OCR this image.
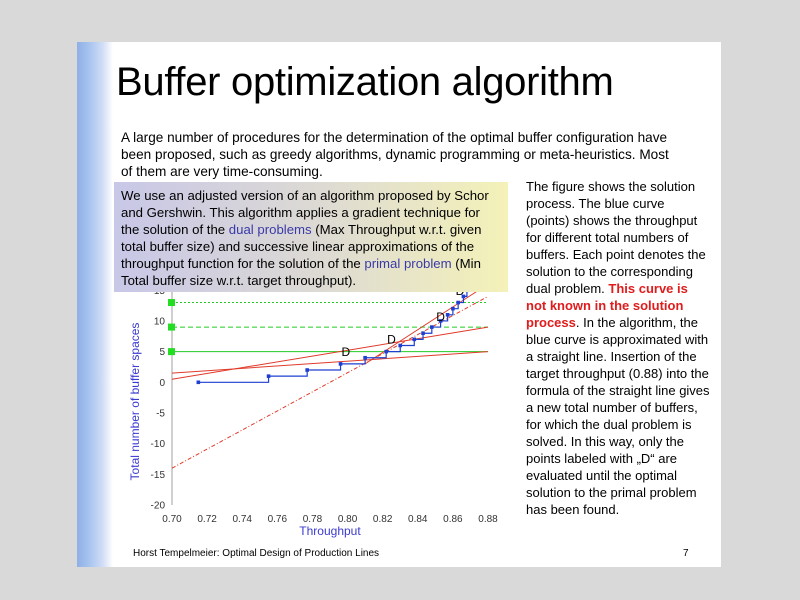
Buffer optimization algorithm
A large number of procedures for the determination of the optimal buffer configuration have been proposed, such as greedy algorithms, dynamic programming or meta-heuristics. Most of them are very time-consuming.
0.70 0.72 0.74 0.76 0.78 0.80 0.82 0.84 0.86 0.88
-20
-15
-10
-5
0
5
10
Throughput
Total number of buffer spaces	D
D
D
We use an adjusted version of an algorithm proposed by Schor and Gershwin. This algorithm applies a gradient technique for the solution of the dual problems (Max Throughput w.r.t. given total buffer size) and successive linear approximations of the throughput function for the solution of the primal problem (Min Total buffer size w.r.t. target throughput).
The figure shows the solution process. The blue curve (points) shows the throughput for different total numbers of buffers. Each point denotes the solution to the corresponding dual problem. This curve is not known in the solution process. In the algorithm, the blue curve is approximated with a straight line. Insertion of the target throughput (0.88) into the formula of the straight line gives a new total number of buffers, for which the dual problem is solved. In this way, only the points labeled with „D“ are evaluated until the optimal solution to the primal problem has been found.
Horst Tempelmeier: Optimal Design of Production Lines	7
